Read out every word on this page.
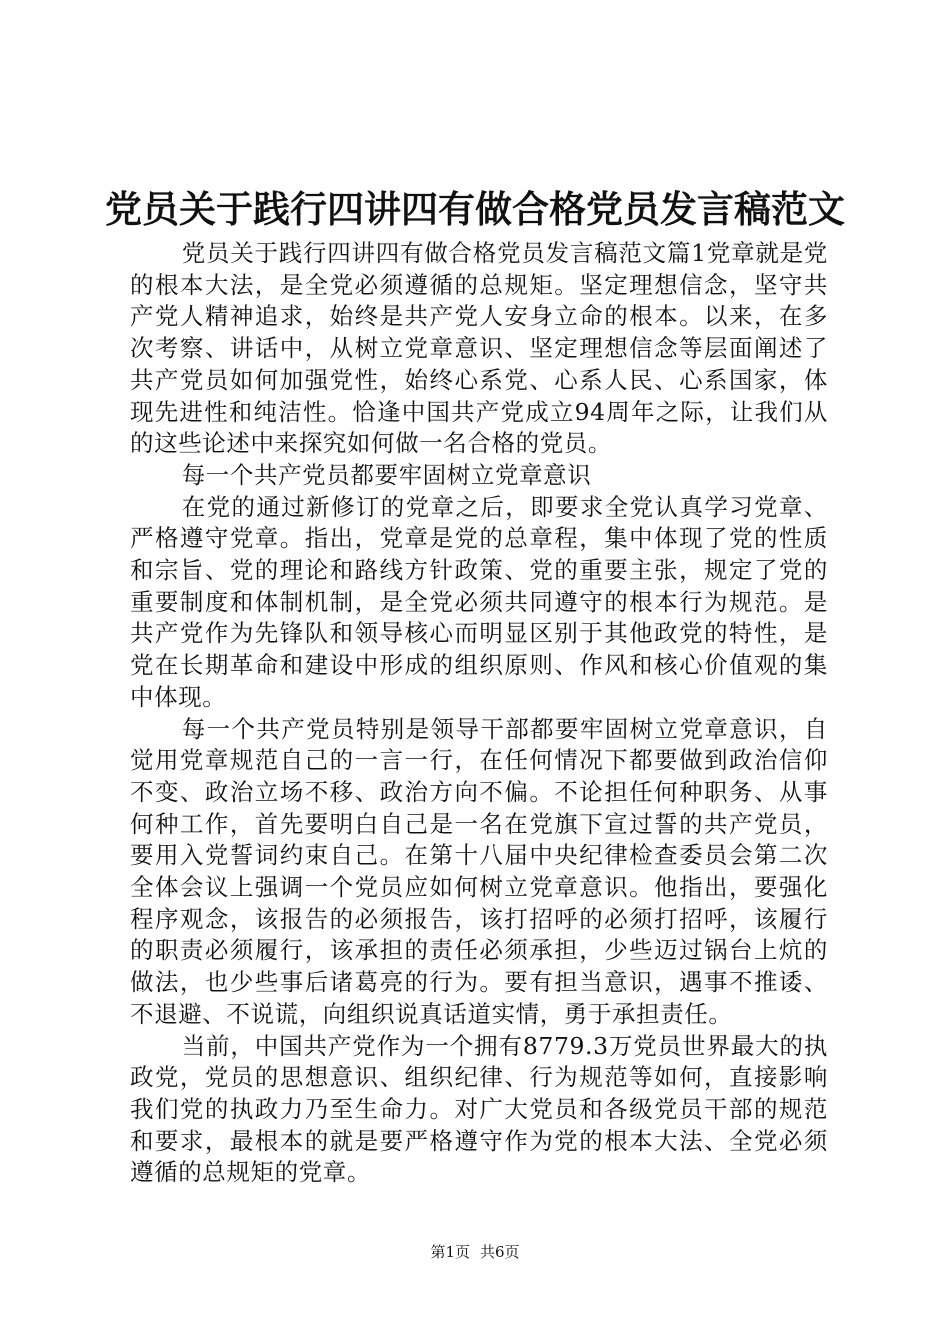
党员关于践行四讲四有做合格党员发言稿范文

党员关于践行四讲四有做合格党员发言稿范文篇1党章就是党的根本大法，是全党必须遵循的总规矩。坚定理想信念，坚守共产党人精神追求，始终是共产党人安身立命的根本。以来，在多次考察、讲话中，从树立党章意识、坚定理想信念等层面阐述了共产党员如何加强党性，始终心系党、心系人民、心系国家，体现先进性和纯洁性。恰逢中国共产党成立94周年之际，让我们从的这些论述中来探究如何做一名合格的党员。

每一个共产党员都要牢固树立党章意识

在党的通过新修订的党章之后，即要求全党认真学习党章、严格遵守党章。指出，党章是党的总章程，集中体现了党的性质和宗旨、党的理论和路线方针政策、党的重要主张，规定了党的重要制度和体制机制，是全党必须共同遵守的根本行为规范。是共产党作为先锋队和领导核心而明显区别于其他政党的特性，是党在长期革命和建设中形成的组织原则、作风和核心价值观的集中体现。

每一个共产党员特别是领导干部都要牢固树立党章意识，自觉用党章规范自己的一言一行，在任何情况下都要做到政治信仰不变、政治立场不移、政治方向不偏。不论担任何种职务、从事何种工作，首先要明白自己是一名在党旗下宣过誓的共产党员，要用入党誓词约束自己。在第十八届中央纪律检查委员会第二次全体会议上强调一个党员应如何树立党章意识。他指出，要强化程序观念，该报告的必须报告，该打招呼的必须打招呼，该履行的职责必须履行，该承担的责任必须承担，少些迈过锅台上炕的做法，也少些事后诸葛亮的行为。要有担当意识，遇事不推诿、不退避、不说谎，向组织说真话道实情，勇于承担责任。

当前，中国共产党作为一个拥有8779.3万党员世界最大的执政党，党员的思想意识、组织纪律、行为规范等如何，直接影响我们党的执政力乃至生命力。对广大党员和各级党员干部的规范和要求，最根本的就是要严格遵守作为党的根本大法、全党必须遵循的总规矩的党章。

第1页 共6页
